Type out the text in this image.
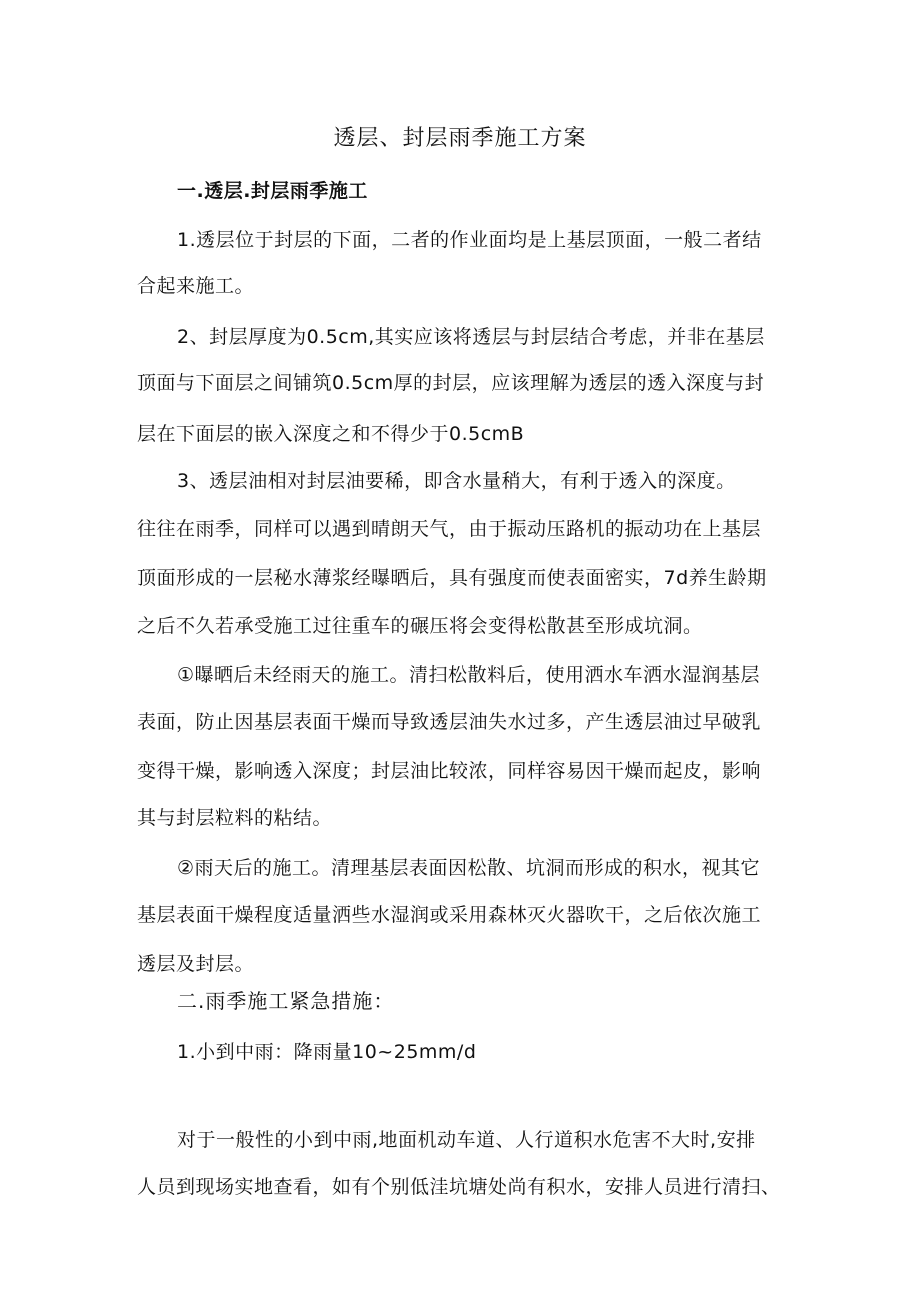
透层、封层雨季施工方案
一.透层.封层雨季施工
1.透层位于封层的下面，二者的作业面均是上基层顶面，一般二者结
合起来施工。
2、封层厚度为0.5cm,其实应该将透层与封层结合考虑，并非在基层
顶面与下面层之间铺筑0.5cm厚的封层，应该理解为透层的透入深度与封
层在下面层的嵌入深度之和不得少于0.5cmB
3、透层油相对封层油要稀，即含水量稍大，有利于透入的深度。
往往在雨季，同样可以遇到晴朗天气，由于振动压路机的振动功在上基层
顶面形成的一层秘水薄浆经曝晒后，具有强度而使表面密实，7d养生龄期
之后不久若承受施工过往重车的碾压将会变得松散甚至形成坑洞。
①曝晒后未经雨天的施工。清扫松散料后，使用洒水车洒水湿润基层
表面，防止因基层表面干燥而导致透层油失水过多，产生透层油过早破乳
变得干燥，影响透入深度；封层油比较浓，同样容易因干燥而起皮，影响
其与封层粒料的粘结。
②雨天后的施工。清理基层表面因松散、坑洞而形成的积水，视其它
基层表面干燥程度适量洒些水湿润或采用森林灭火器吹干，之后依次施工
透层及封层。
二.雨季施工紧急措施：
1.小到中雨：降雨量10~25mm/d
对于一般性的小到中雨,地面机动车道、人行道积水危害不大时,安排
人员到现场实地查看，如有个别低洼坑塘处尚有积水，安排人员进行清扫、
